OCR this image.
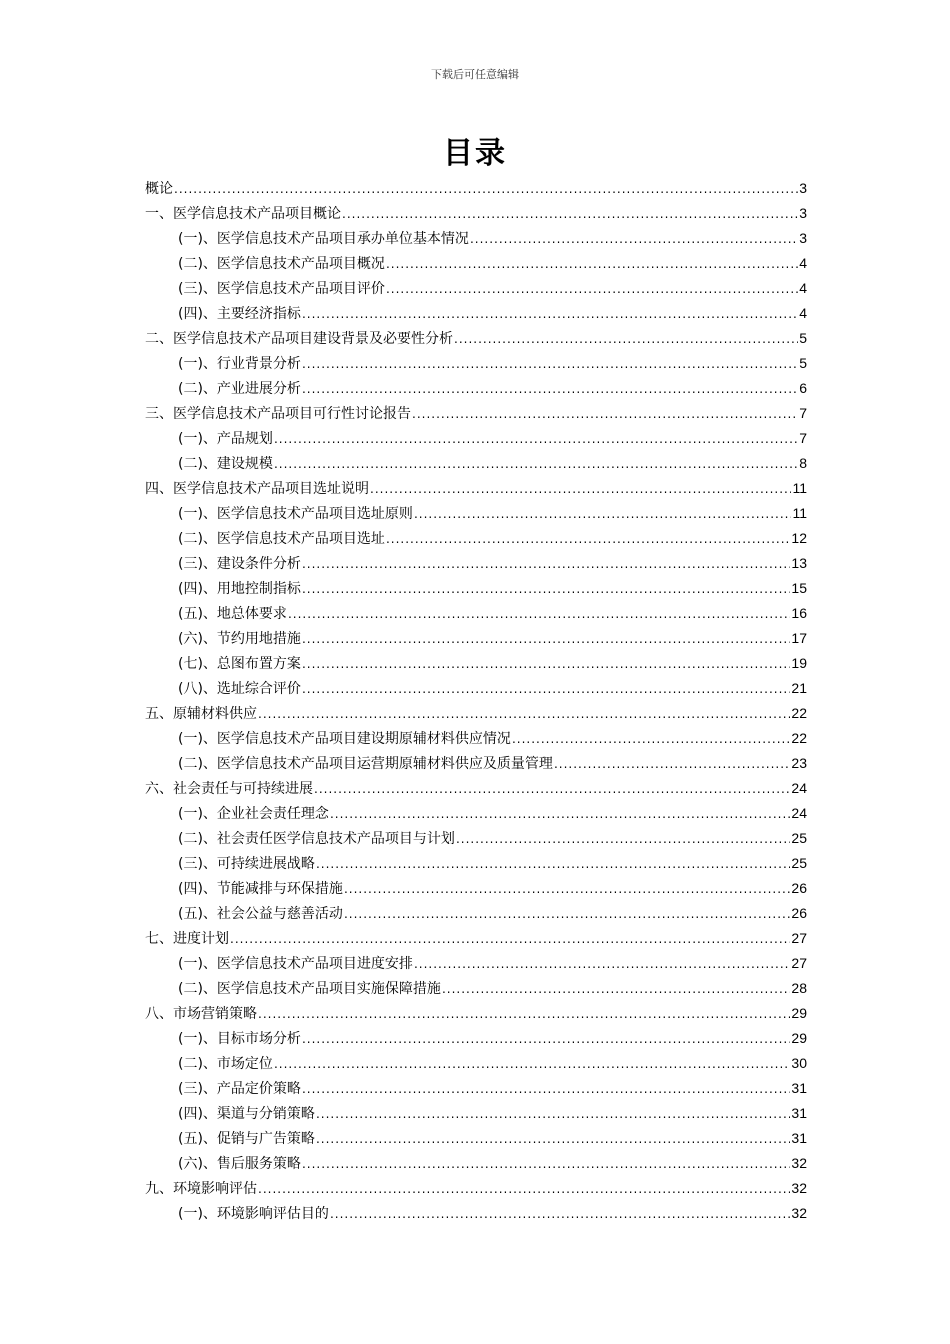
下载后可任意编辑
目录
概论 .....	3
一、医学信息技术产品项目概论 .....	3
(一)、医学信息技术产品项目承办单位基本情况 .....	3
(二)、医学信息技术产品项目概况 .....	4
(三)、医学信息技术产品项目评价 .....	4
(四)、主要经济指标 .....	4
二、医学信息技术产品项目建设背景及必要性分析 .....	5
(一)、行业背景分析 .....	5
(二)、产业进展分析 .....	6
三、医学信息技术产品项目可行性讨论报告 .....	7
(一)、产品规划 .....	7
(二)、建设规模 .....	8
四、医学信息技术产品项目选址说明 .....	11
(一)、医学信息技术产品项目选址原则 .....	11
(二)、医学信息技术产品项目选址 .....	12
(三)、建设条件分析 .....	13
(四)、用地控制指标 .....	15
(五)、地总体要求 .....	16
(六)、节约用地措施 .....	17
(七)、总图布置方案 .....	19
(八)、选址综合评价 .....	21
五、原辅材料供应 .....	22
(一)、医学信息技术产品项目建设期原辅材料供应情况 .....	22
(二)、医学信息技术产品项目运营期原辅材料供应及质量管理 .....	23
六、社会责任与可持续进展 .....	24
(一)、企业社会责任理念 .....	24
(二)、社会责任医学信息技术产品项目与计划 .....	25
(三)、可持续进展战略 .....	25
(四)、节能减排与环保措施 .....	26
(五)、社会公益与慈善活动 .....	26
七、进度计划 .....	27
(一)、医学信息技术产品项目进度安排 .....	27
(二)、医学信息技术产品项目实施保障措施 .....	28
八、市场营销策略 .....	29
(一)、目标市场分析 .....	29
(二)、市场定位 .....	30
(三)、产品定价策略 .....	31
(四)、渠道与分销策略 .....	31
(五)、促销与广告策略 .....	31
(六)、售后服务策略 .....	32
九、环境影响评估 .....	32
(一)、环境影响评估目的 .....	32
